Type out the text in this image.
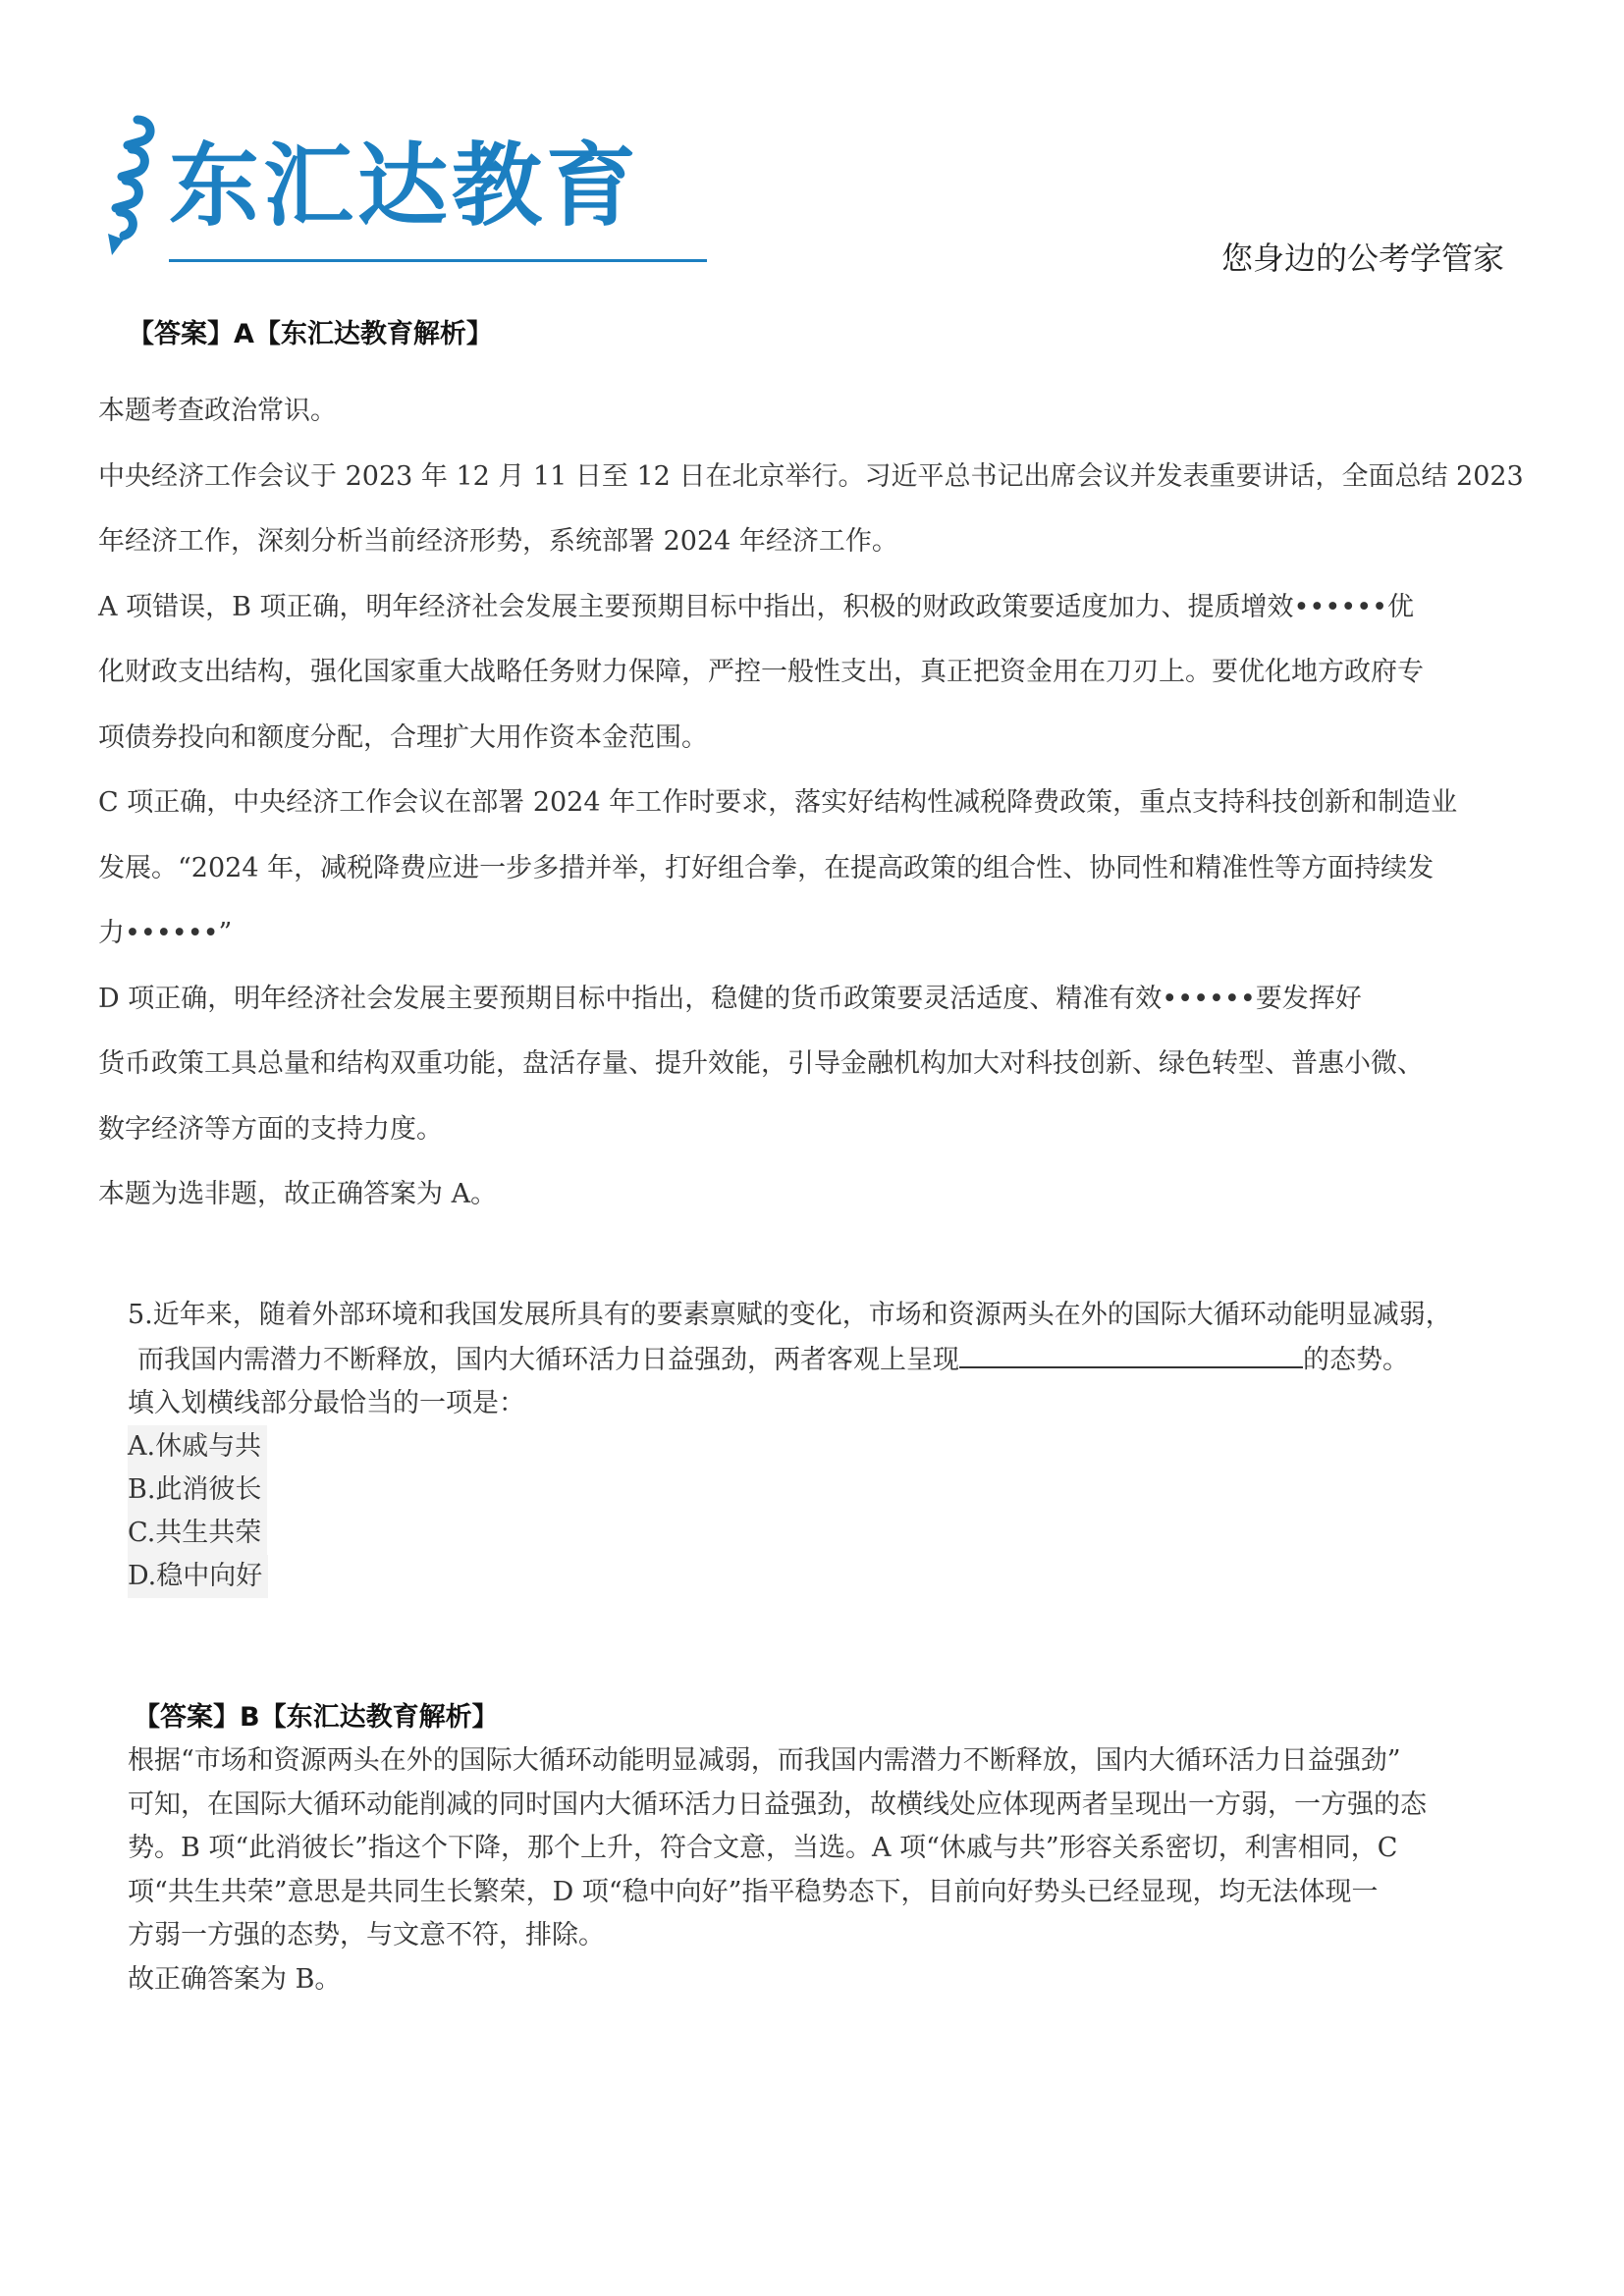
东汇达教育
您身边的公考学管家

【答案】A【东汇达教育解析】

本题考查政治常识。

中央经济工作会议于 2023 年 12 月 11 日至 12 日在北京举行。习近平总书记出席会议并发表重要讲话，全面总结 2023

年经济工作，深刻分析当前经济形势，系统部署 2024 年经济工作。

A 项错误，B 项正确，明年经济社会发展主要预期目标中指出，积极的财政政策要适度加力、提质增效••••••优

化财政支出结构，强化国家重大战略任务财力保障，严控一般性支出，真正把资金用在刀刃上。要优化地方政府专

项债券投向和额度分配，合理扩大用作资本金范围。

C 项正确，中央经济工作会议在部署 2024 年工作时要求，落实好结构性减税降费政策，重点支持科技创新和制造业

发展。“2024 年，减税降费应进一步多措并举，打好组合拳，在提高政策的组合性、协同性和精准性等方面持续发

力••••••”

D 项正确，明年经济社会发展主要预期目标中指出，稳健的货币政策要灵活适度、精准有效••••••要发挥好

货币政策工具总量和结构双重功能，盘活存量、提升效能，引导金融机构加大对科技创新、绿色转型、普惠小微、

数字经济等方面的支持力度。

本题为选非题，故正确答案为 A。

5.近年来，随着外部环境和我国发展所具有的要素禀赋的变化，市场和资源两头在外的国际大循环动能明显减弱，

而我国内需潜力不断释放，国内大循环活力日益强劲，两者客观上呈现	的态势。

填入划横线部分最恰当的一项是：

A.休戚与共

B.此消彼长

C.共生共荣

D.稳中向好

【答案】B【东汇达教育解析】

根据“市场和资源两头在外的国际大循环动能明显减弱，而我国内需潜力不断释放，国内大循环活力日益强劲”

可知，在国际大循环动能削减的同时国内大循环活力日益强劲，故横线处应体现两者呈现出一方弱，一方强的态

势。B 项“此消彼长”指这个下降，那个上升，符合文意，当选。A 项“休戚与共”形容关系密切，利害相同，C

项“共生共荣”意思是共同生长繁荣，D 项“稳中向好”指平稳势态下，目前向好势头已经显现，均无法体现一

方弱一方强的态势，与文意不符，排除。

故正确答案为 B。
